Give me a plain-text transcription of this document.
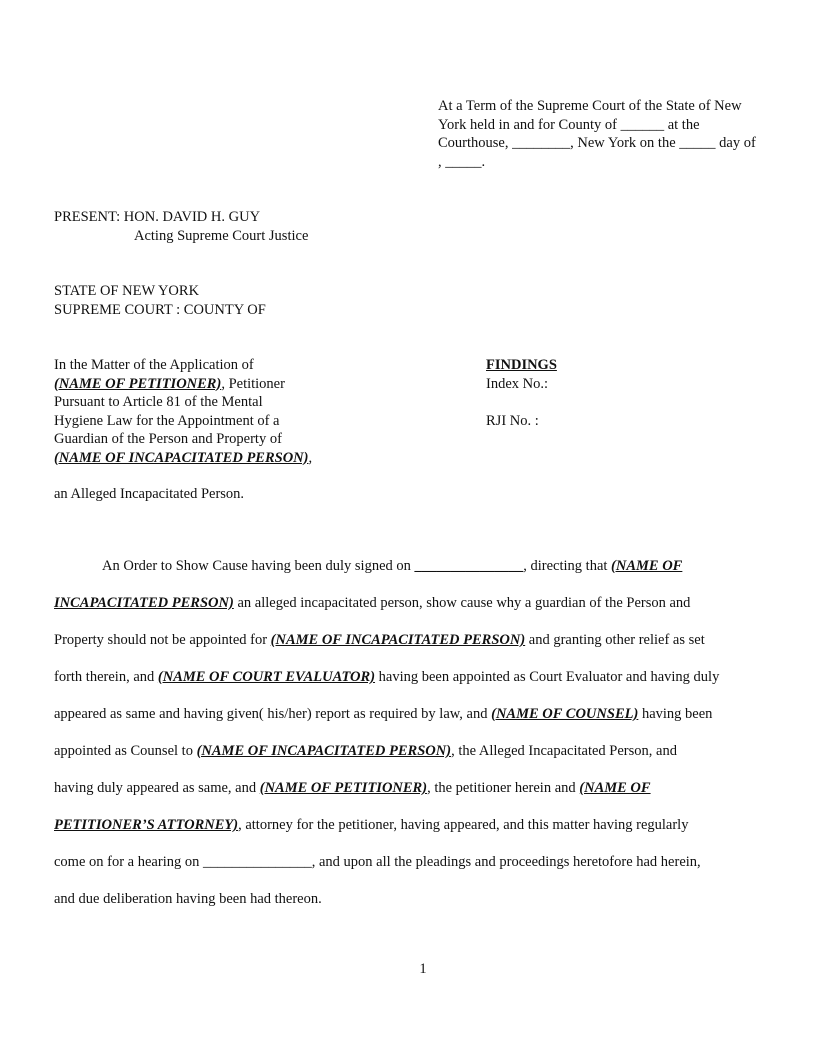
At a Term of the Supreme Court of the State of New
York held in and for County of ______ at the
Courthouse, ________, New York on the _____ day of
, _____.
PRESENT: HON. DAVID H. GUY
Acting Supreme Court Justice
STATE OF NEW YORK
SUPREME COURT : COUNTY OF
In the Matter of the Application of
(NAME OF PETITIONER), Petitioner
Pursuant to Article 81 of the Mental
Hygiene Law for the Appointment of a
Guardian of the Person and Property of
(NAME OF INCAPACITATED PERSON),
FINDINGS
Index No.:
RJI No. :
an Alleged Incapacitated Person.
An Order to Show Cause having been duly signed on _______________, directing that (NAME OF
INCAPACITATED PERSON) an alleged incapacitated person, show cause why a guardian of the Person and
Property should not be appointed for (NAME OF INCAPACITATED PERSON) and granting other relief as set
forth therein, and (NAME OF COURT EVALUATOR) having been appointed as Court Evaluator and having duly
appeared as same and having given( his/her) report as required by law, and (NAME OF COUNSEL) having been
appointed as Counsel to (NAME OF INCAPACITATED PERSON), the Alleged Incapacitated Person, and
having duly appeared as same, and (NAME OF PETITIONER), the petitioner herein and (NAME OF
PETITIONER’S ATTORNEY), attorney for the petitioner, having appeared, and this matter having regularly
come on for a hearing on _______________, and upon all the pleadings and proceedings heretofore had herein,
and due deliberation having been had thereon.
1
